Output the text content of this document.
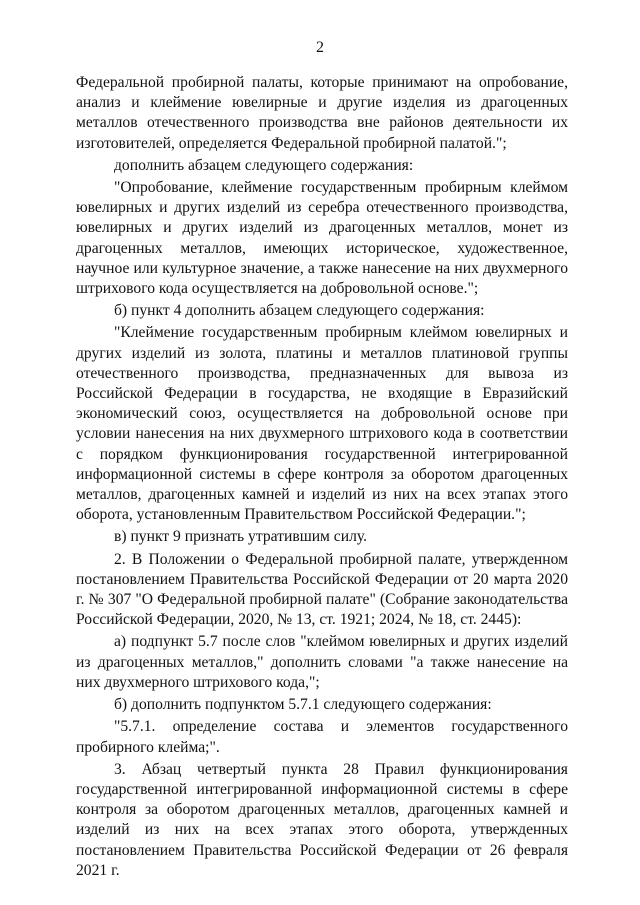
2

Федеральной пробирной палаты, которые принимают на опробование, анализ и клеймение ювелирные и другие изделия из драгоценных металлов отечественного производства вне районов деятельности их изготовителей, определяется Федеральной пробирной палатой.";

дополнить абзацем следующего содержания:

"Опробование, клеймение государственным пробирным клеймом ювелирных и других изделий из серебра отечественного производства, ювелирных и других изделий из драгоценных металлов, монет из драгоценных металлов, имеющих историческое, художественное, научное или культурное значение, а также нанесение на них двухмерного штрихового кода осуществляется на добровольной основе.";

б) пункт 4 дополнить абзацем следующего содержания:

"Клеймение государственным пробирным клеймом ювелирных и других изделий из золота, платины и металлов платиновой группы отечественного производства, предназначенных для вывоза из Российской Федерации в государства, не входящие в Евразийский экономический союз, осуществляется на добровольной основе при условии нанесения на них двухмерного штрихового кода в соответствии с порядком функционирования государственной интегрированной информационной системы в сфере контроля за оборотом драгоценных металлов, драгоценных камней и изделий из них на всех этапах этого оборота, установленным Правительством Российской Федерации.";

в) пункт 9 признать утратившим силу.

2. В Положении о Федеральной пробирной палате, утвержденном постановлением Правительства Российской Федерации от 20 марта 2020 г. № 307 "О Федеральной пробирной палате" (Собрание законодательства Российской Федерации, 2020, № 13, ст. 1921; 2024, № 18, ст. 2445):

а) подпункт 5.7 после слов "клеймом ювелирных и других изделий из драгоценных металлов," дополнить словами "а также нанесение на них двухмерного штрихового кода,";

б) дополнить подпунктом 5.7.1 следующего содержания:

"5.7.1. определение состава и элементов государственного пробирного клейма;".

3. Абзац четвертый пункта 28 Правил функционирования государственной интегрированной информационной системы в сфере контроля за оборотом драгоценных металлов, драгоценных камней и изделий из них на всех этапах этого оборота, утвержденных постановлением Правительства Российской Федерации от 26 февраля 2021 г.
